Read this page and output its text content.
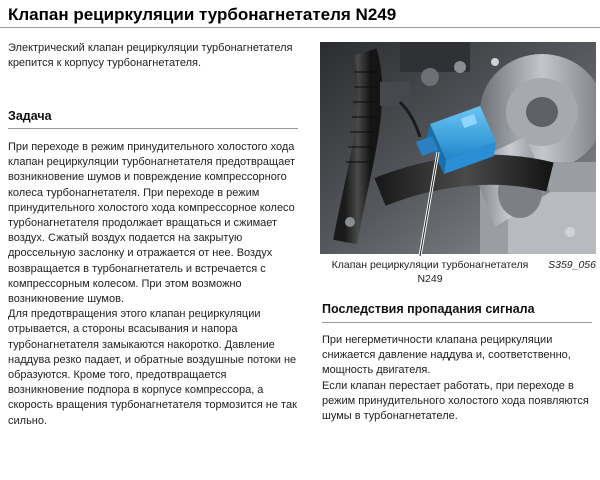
Клапан рециркуляции турбонагнетателя N249
Электрический клапан рециркуляции турбонагнетателя крепится к корпусу турбонагнетателя.
Задача
При переходе в режим принудительного холостого хода клапан рециркуляции турбонагнетателя предотвращает возникновение шумов и повреждение компрессорного колеса турбонагнетателя. При переходе в режим принудительного холостого хода компрессорное колесо турбонагнетателя продолжает вращаться и сжимает воздух. Сжатый воздух подается на закрытую дроссельную заслонку и отражается от нее. Воздух возвращается в турбонагнетатель и встречается с компрессорным колесом. При этом возможно возникновение шумов.
Для предотвращения этого клапан рециркуляции отрывается, а стороны всасывания и напора турбонагнетателя замыкаются накоротко. Давление наддува резко падает, и обратные воздушные потоки не образуются. Кроме того, предотвращается возникновение подпора в корпусе компрессора, а скорость вращения турбонагнетателя тормозится не так сильно.
Клапан рециркуляции турбонагнетателя N249
S359_056
Последствия пропадания сигнала
При негерметичности клапана рециркуляции снижается давление наддува и, соответственно, мощность двигателя.
Если клапан перестает работать, при переходе в режим принудительного холостого хода появляются шумы в турбонагнетателе.
